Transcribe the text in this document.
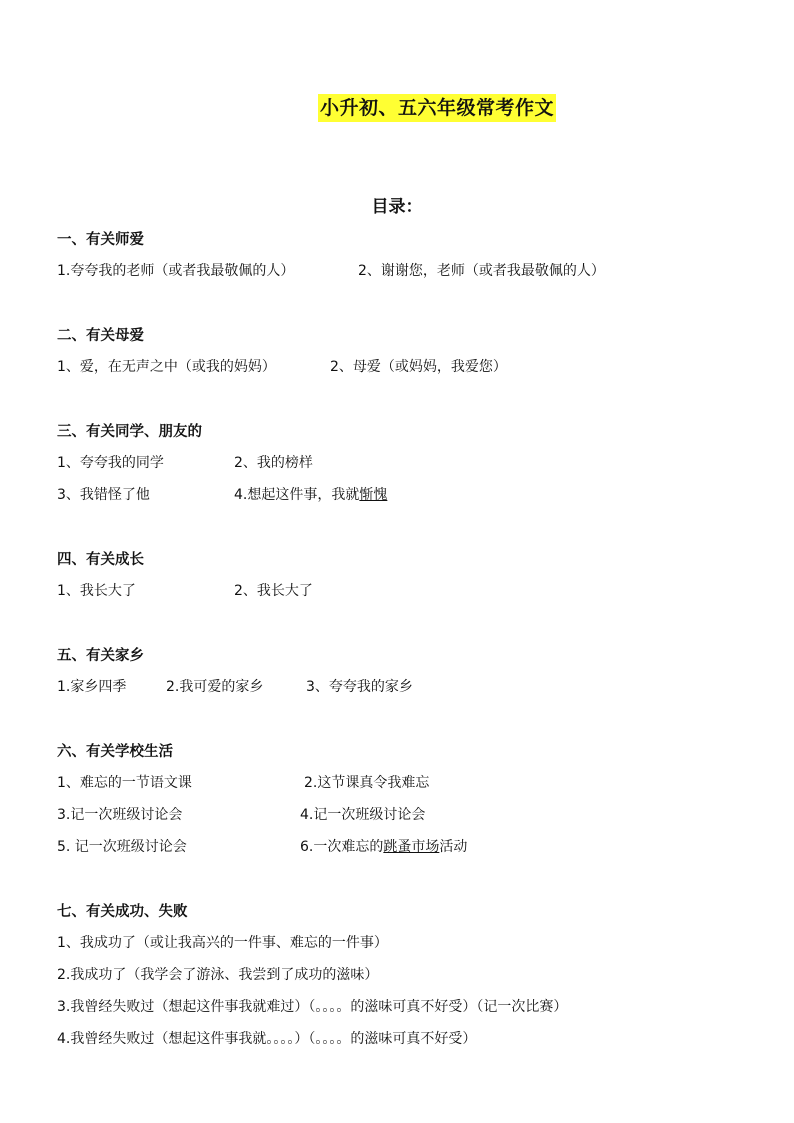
小升初、五六年级常考作文
目录：
一、有关师爱
1.夸夸我的老师（或者我最敬佩的人）	2、谢谢您，老师（或者我最敬佩的人）
二、有关母爱
1、爱，在无声之中（或我的妈妈）	2、母爱（或妈妈，我爱您）
三、有关同学、朋友的
1、夸夸我的同学	2、我的榜样
3、我错怪了他	4.想起这件事，我就惭愧
四、有关成长
1、我长大了	2、我长大了
五、有关家乡
1.家乡四季	2.我可爱的家乡	3、夸夸我的家乡
六、有关学校生活
1、难忘的一节语文课	2.这节课真令我难忘
3.记一次班级讨论会	4.记一次班级讨论会
5. 记一次班级讨论会	6.一次难忘的跳蚤市场活动
七、有关成功、失败
1、我成功了（或让我高兴的一件事、难忘的一件事）
2.我成功了（我学会了游泳、我尝到了成功的滋味）
3.我曾经失败过（想起这件事我就难过）（。。。。的滋味可真不好受）（记一次比赛）
4.我曾经失败过（想起这件事我就。。。。）（。。。。的滋味可真不好受）
